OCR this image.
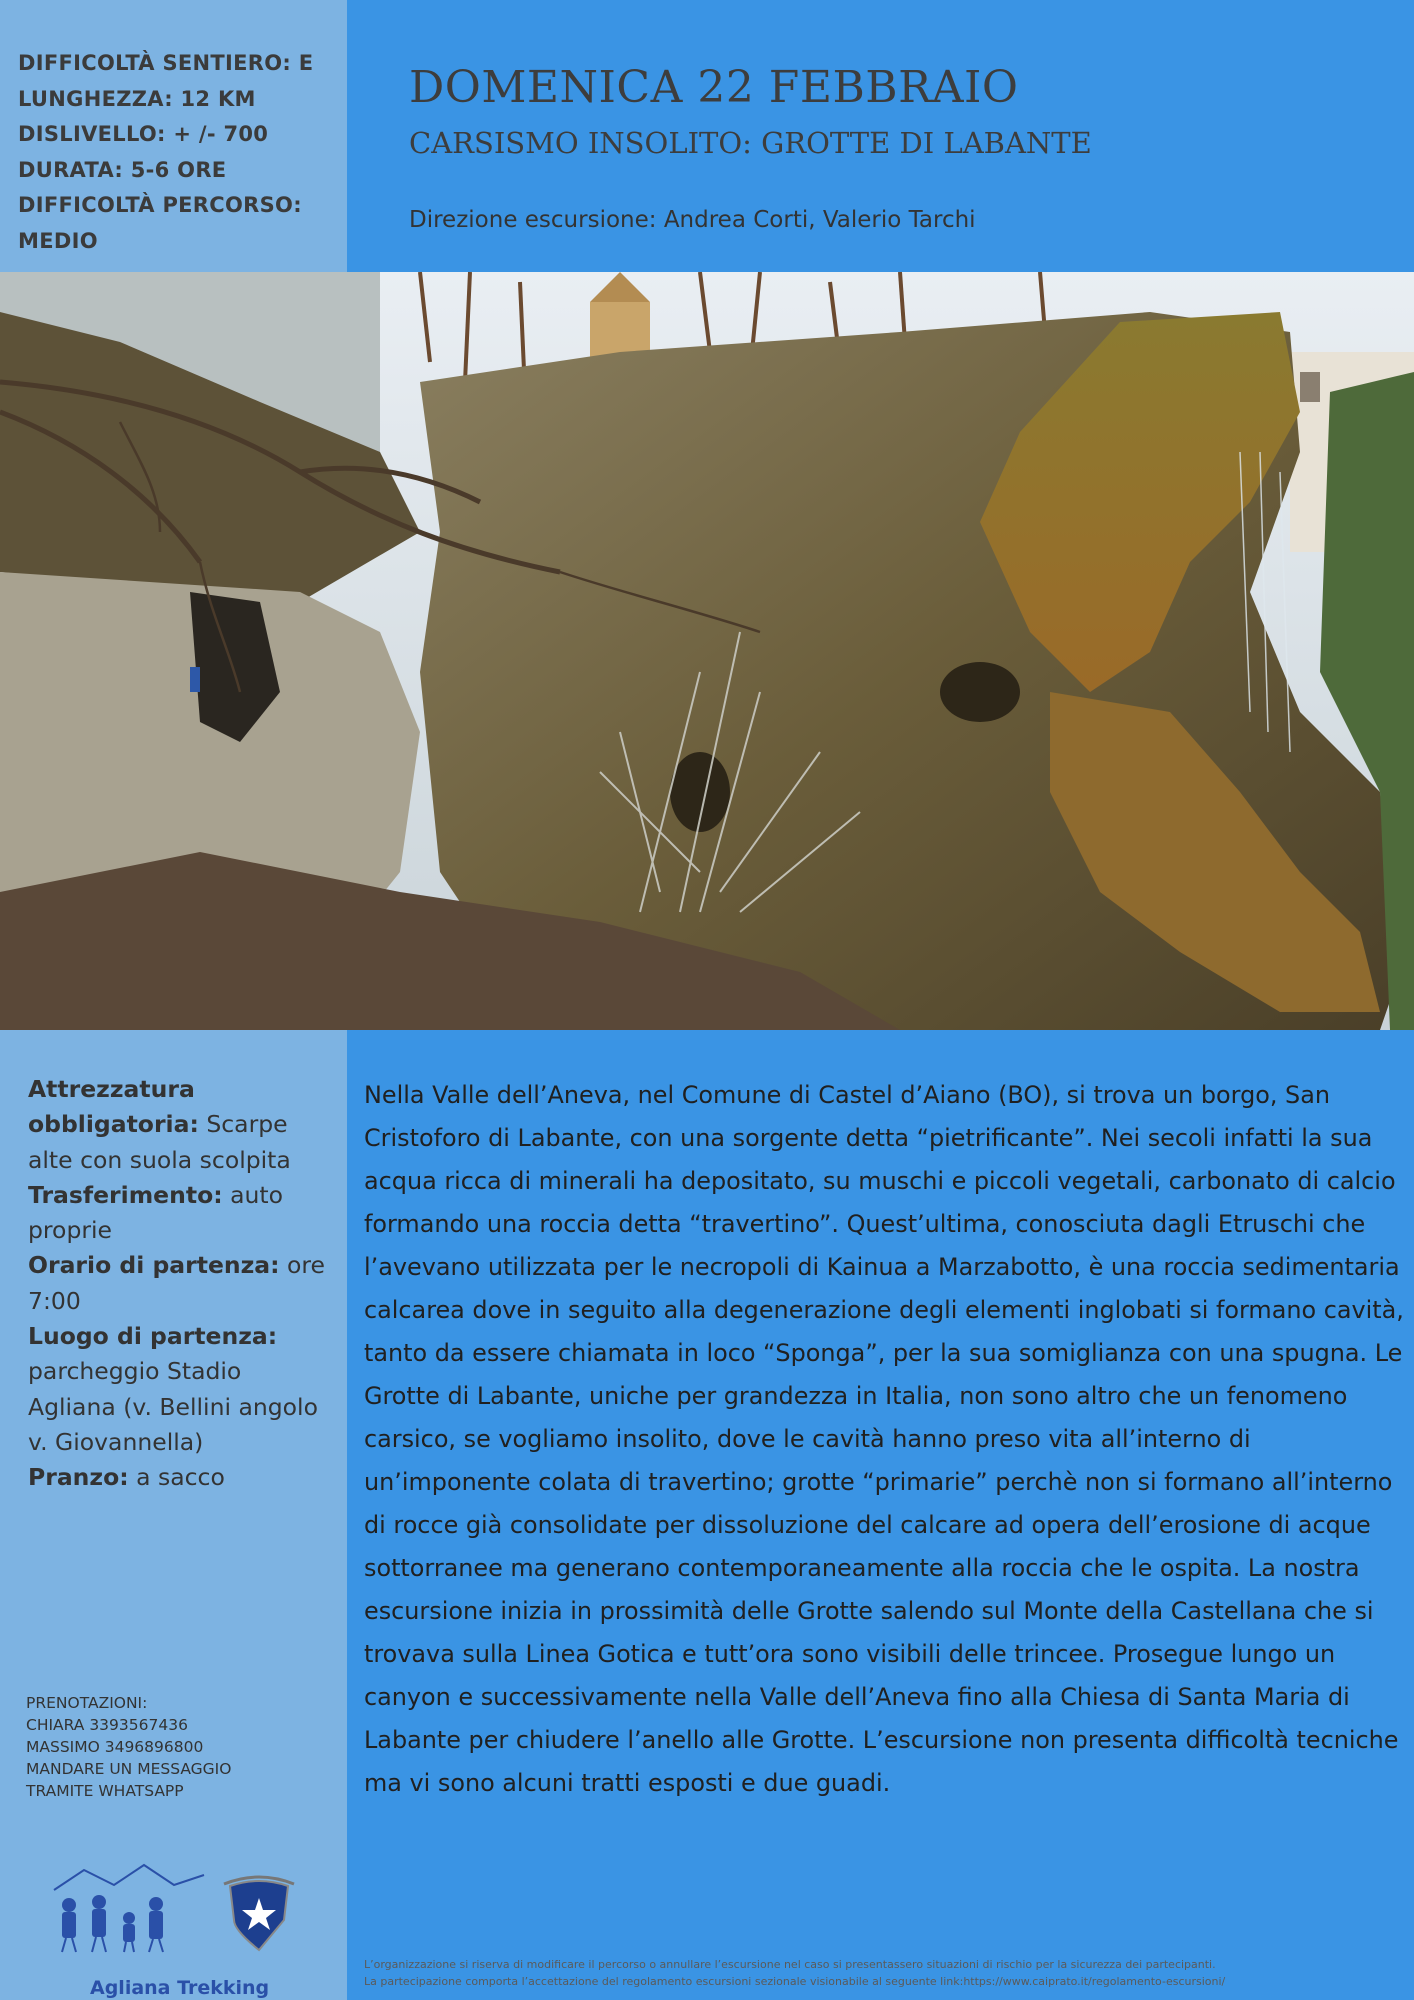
DIFFICOLTÀ SENTIERO: E
LUNGHEZZA: 12 KM
DISLIVELLO: + /- 700
DURATA: 5-6 ORE
DIFFICOLTÀ PERCORSO:
MEDIO
DOMENICA 22 FEBBRAIO
CARSISMO INSOLITO: GROTTE DI LABANTE
Direzione escursione: Andrea Corti, Valerio Tarchi
Attrezzatura obbligatoria: Scarpe alte con suola scolpita
Trasferimento: auto proprie
Orario di partenza: ore 7:00
Luogo di partenza: parcheggio Stadio Agliana (v. Bellini angolo v. Giovannella)
Pranzo: a sacco
PRENOTAZIONI:
CHIARA 3393567436
MASSIMO 3496896800
MANDARE UN MESSAGGIO
TRAMITE WHATSAPP
Agliana Trekking
Nella Valle dell’Aneva, nel Comune di Castel d’Aiano (BO), si trova un borgo, San Cristoforo di Labante, con una sorgente detta “pietrificante”. Nei secoli infatti la sua acqua ricca di minerali ha depositato, su muschi e piccoli vegetali, carbonato di calcio formando una roccia detta “travertino”. Quest’ultima, conosciuta dagli Etruschi che l’avevano utilizzata per le necropoli di Kainua a Marzabotto, è una roccia sedimentaria calcarea dove in seguito alla degenerazione degli elementi inglobati si formano cavità, tanto da essere chiamata in loco “Sponga”, per la sua somiglianza con una spugna. Le Grotte di Labante, uniche per grandezza in Italia, non sono altro che un fenomeno carsico, se vogliamo insolito, dove le cavità hanno preso vita all’interno di un’imponente colata di travertino; grotte “primarie” perchè non si formano all’interno di rocce già consolidate per dissoluzione del calcare ad opera dell’erosione di acque sottorranee ma generano contemporaneamente alla roccia che le ospita. La nostra escursione inizia in prossimità delle Grotte salendo sul Monte della Castellana che si trovava sulla Linea Gotica e tutt’ora sono visibili delle trincee. Prosegue lungo un canyon e successivamente nella Valle dell’Aneva fino alla Chiesa di Santa Maria di Labante per chiudere l’anello alle Grotte. L’escursione non presenta difficoltà tecniche ma vi sono alcuni tratti esposti e due guadi.
L’organizzazione si riserva di modificare il percorso o annullare l’escursione nel caso si presentassero situazioni di rischio per la sicurezza dei partecipanti.
La partecipazione comporta l’accettazione del regolamento escursioni sezionale visionabile al seguente link:https://www.caiprato.it/regolamento-escursioni/
